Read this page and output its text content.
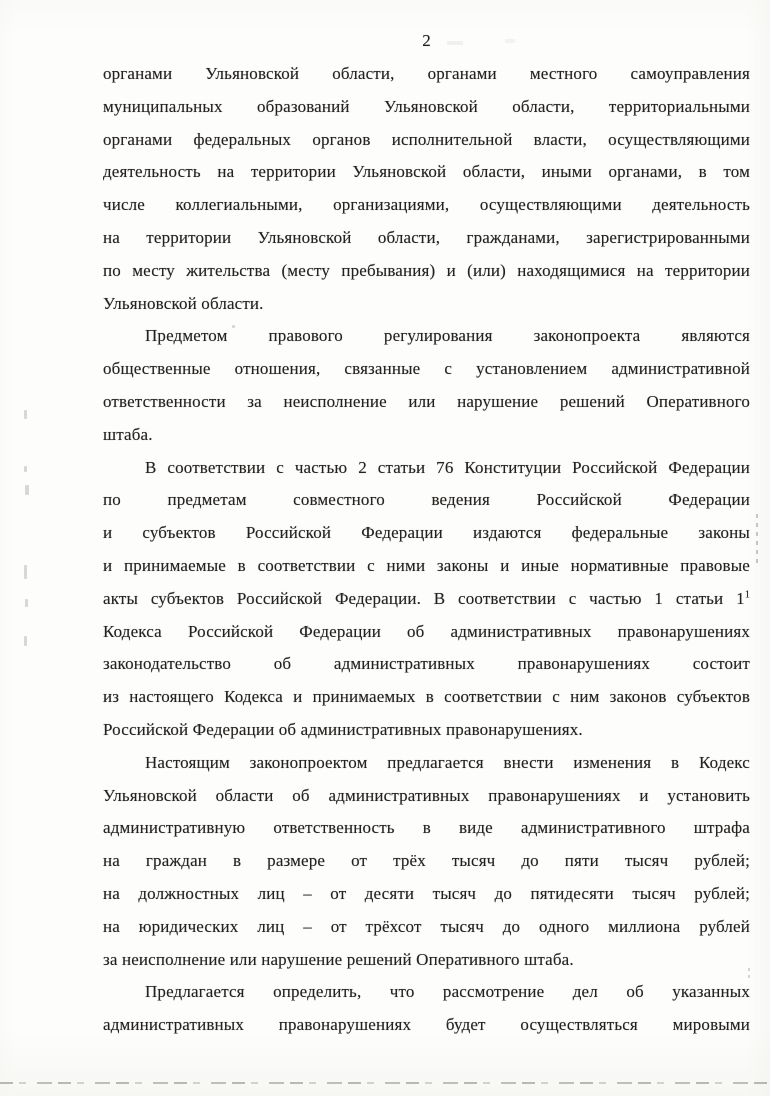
2
органами Ульяновской области, органами местного самоуправления
муниципальных образований Ульяновской области, территориальными
органами федеральных органов исполнительной власти, осуществляющими
деятельность на территории Ульяновской области, иными органами, в том
числе коллегиальными, организациями, осуществляющими деятельность
на территории Ульяновской области, гражданами, зарегистрированными
по месту жительства (месту пребывания) и (или) находящимися на территории
Ульяновской области.
Предметом правового регулирования законопроекта являются
общественные отношения, связанные с установлением административной
ответственности за неисполнение или нарушение решений Оперативного
штаба.
В соответствии с частью 2 статьи 76 Конституции Российской Федерации
по предметам совместного ведения Российской Федерации
и субъектов Российской Федерации издаются федеральные законы
и принимаемые в соответствии с ними законы и иные нормативные правовые
акты субъектов Российской Федерации. В соответствии с частью 1 статьи $1^1$
Кодекса Российской Федерации об административных правонарушениях
законодательство об административных правонарушениях состоит
из настоящего Кодекса и принимаемых в соответствии с ним законов субъектов
Российской Федерации об административных правонарушениях.
Настоящим законопроектом предлагается внести изменения в Кодекс
Ульяновской области об административных правонарушениях и установить
административную ответственность в виде административного штрафа
на граждан в размере от трёх тысяч до пяти тысяч рублей;
на должностных лиц – от десяти тысяч до пятидесяти тысяч рублей;
на юридических лиц – от трёхсот тысяч до одного миллиона рублей
за неисполнение или нарушение решений Оперативного штаба.
Предлагается определить, что рассмотрение дел об указанных
административных правонарушениях будет осуществляться мировыми
